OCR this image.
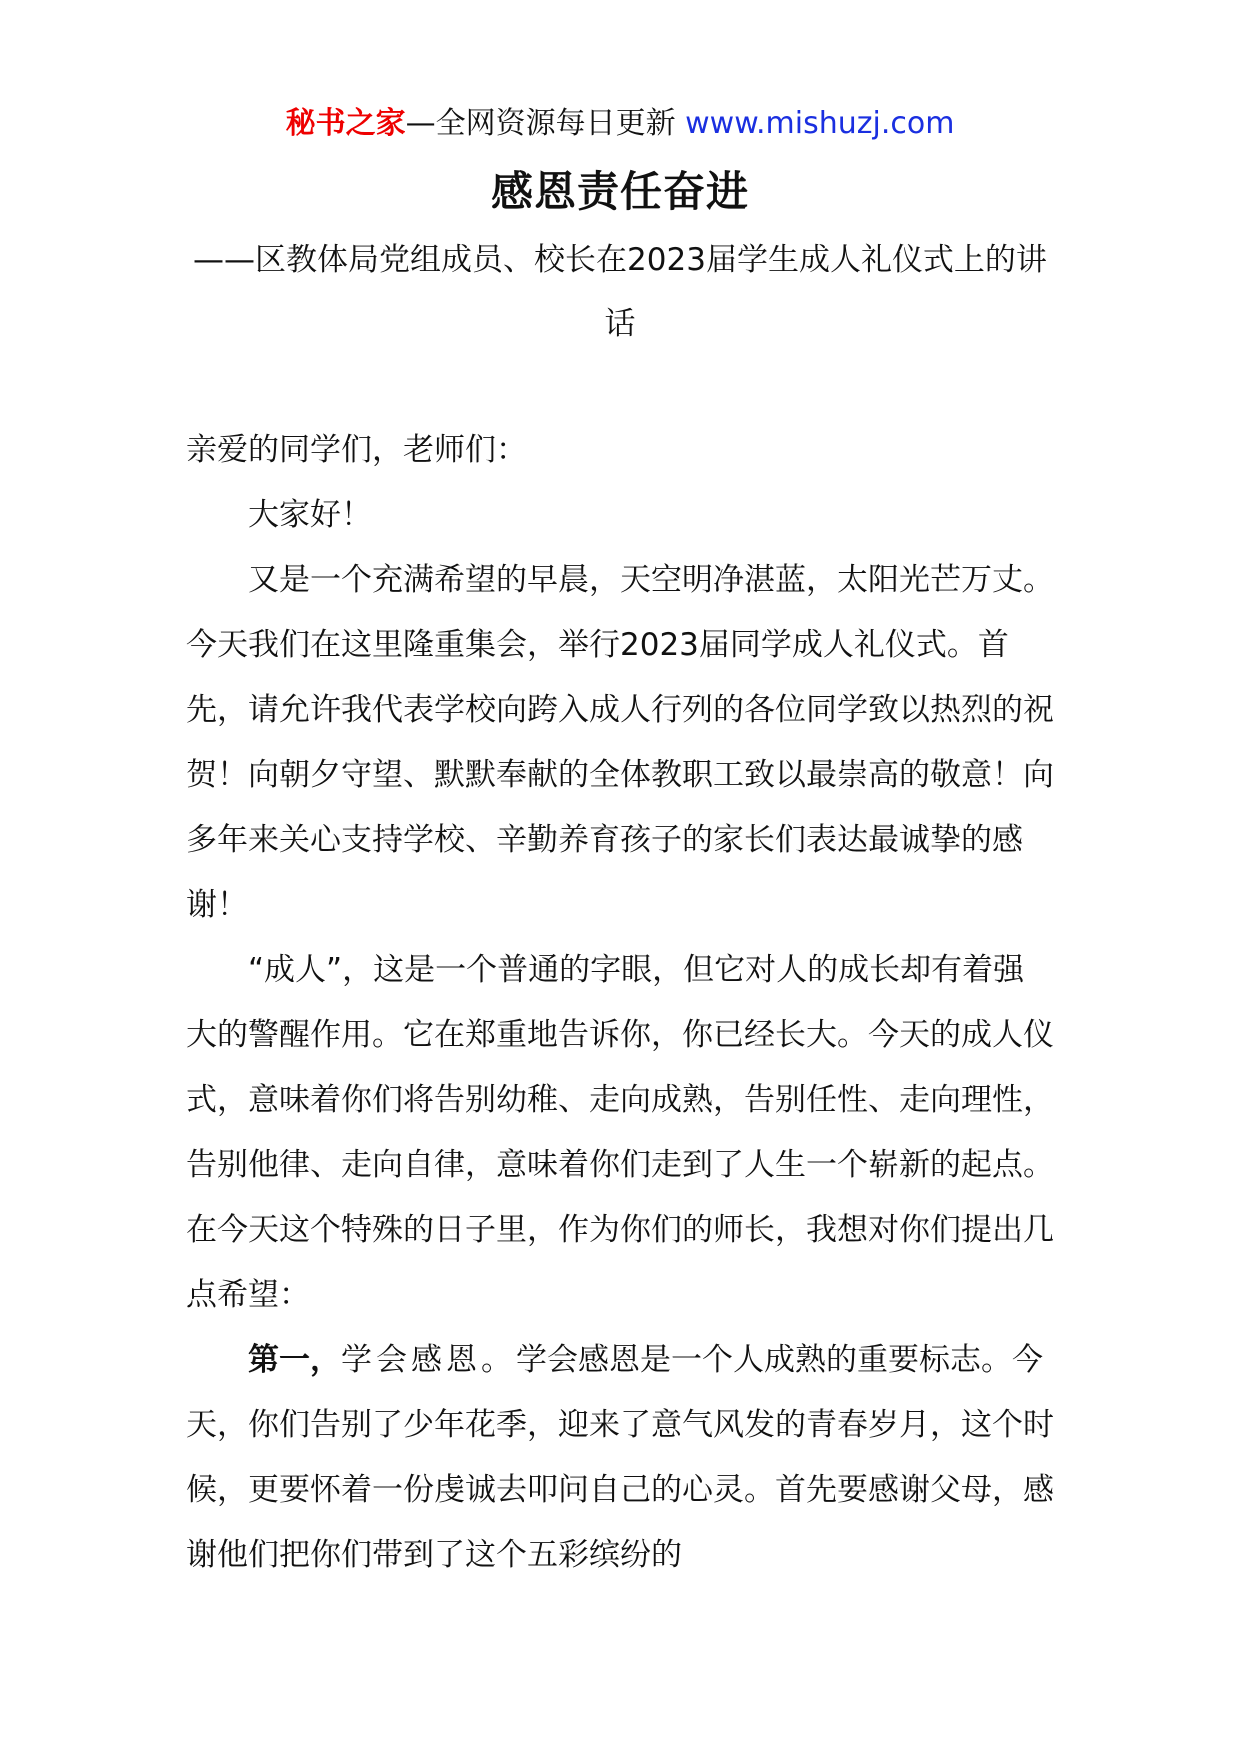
秘书之家—全网资源每日更新 www.mishuzj.com
感恩责任奋进
——区教体局党组成员、校长在2023届学生成人礼仪式上的讲话

亲爱的同学们，老师们：

大家好！

又是一个充满希望的早晨，天空明净湛蓝，太阳光芒万丈。今天我们在这里隆重集会，举行2023届同学成人礼仪式。首先，请允许我代表学校向跨入成人行列的各位同学致以热烈的祝贺！向朝夕守望、默默奉献的全体教职工致以最崇高的敬意！向多年来关心支持学校、辛勤养育孩子的家长们表达最诚挚的感谢！

“成人”，这是一个普通的字眼，但它对人的成长却有着强大的警醒作用。它在郑重地告诉你，你已经长大。今天的成人仪式，意味着你们将告别幼稚、走向成熟，告别任性、走向理性，告别他律、走向自律，意味着你们走到了人生一个崭新的起点。在今天这个特殊的日子里，作为你们的师长，我想对你们提出几点希望：

第一，学会感恩。学会感恩是一个人成熟的重要标志。今天，你们告别了少年花季，迎来了意气风发的青春岁月，这个时候，更要怀着一份虔诚去叩问自己的心灵。首先要感谢父母，感谢他们把你们带到了这个五彩缤纷的
